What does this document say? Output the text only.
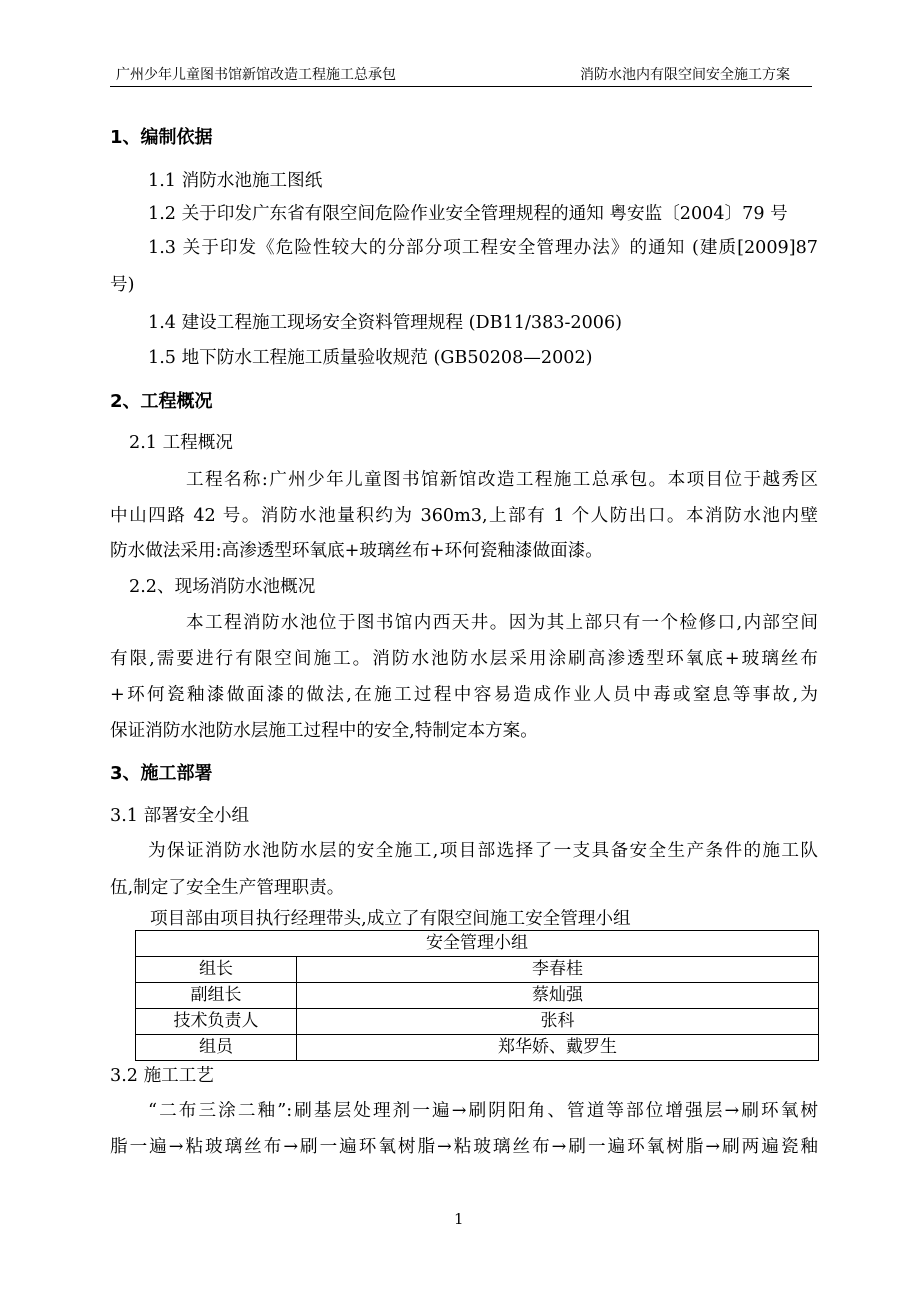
广州少年儿童图书馆新馆改造工程施工总承包	消防水池内有限空间安全施工方案
1、编制依据
1.1 消防水池施工图纸
1.2 关于印发广东省有限空间危险作业安全管理规程的通知 粤安监〔2004〕79 号
1.3 关于印发《危险性较大的分部分项工程安全管理办法》的通知 (建质[2009]87
号)
1.4 建设工程施工现场安全资料管理规程 (DB11/383-2006)
1.5 地下防水工程施工质量验收规范 (GB50208—2002)
2、工程概况
2.1 工程概况
工程名称:广州少年儿童图书馆新馆改造工程施工总承包。本项目位于越秀区
中山四路 42 号。消防水池量积约为 360m3,上部有 1 个人防出口。本消防水池内壁
防水做法采用:高渗透型环氧底+玻璃丝布+环何瓷釉漆做面漆。
2.2、现场消防水池概况
本工程消防水池位于图书馆内西天井。因为其上部只有一个检修口,内部空间
有限,需要进行有限空间施工。消防水池防水层采用涂刷高渗透型环氧底+玻璃丝布
+环何瓷釉漆做面漆的做法,在施工过程中容易造成作业人员中毒或窒息等事故,为
保证消防水池防水层施工过程中的安全,特制定本方案。
3、施工部署
3.1 部署安全小组
为保证消防水池防水层的安全施工,项目部选择了一支具备安全生产条件的施工队
伍,制定了安全生产管理职责。
项目部由项目执行经理带头,成立了有限空间施工安全管理小组
安全管理小组	
组长	李春桂
副组长	蔡灿强
技术负责人	张科
组员	郑华娇、戴罗生
3.2 施工工艺
“二布三涂二釉”:刷基层处理剂一遍→刷阴阳角、管道等部位增强层→刷环氧树
脂一遍→粘玻璃丝布→刷一遍环氧树脂→粘玻璃丝布→刷一遍环氧树脂→刷两遍瓷釉
1
